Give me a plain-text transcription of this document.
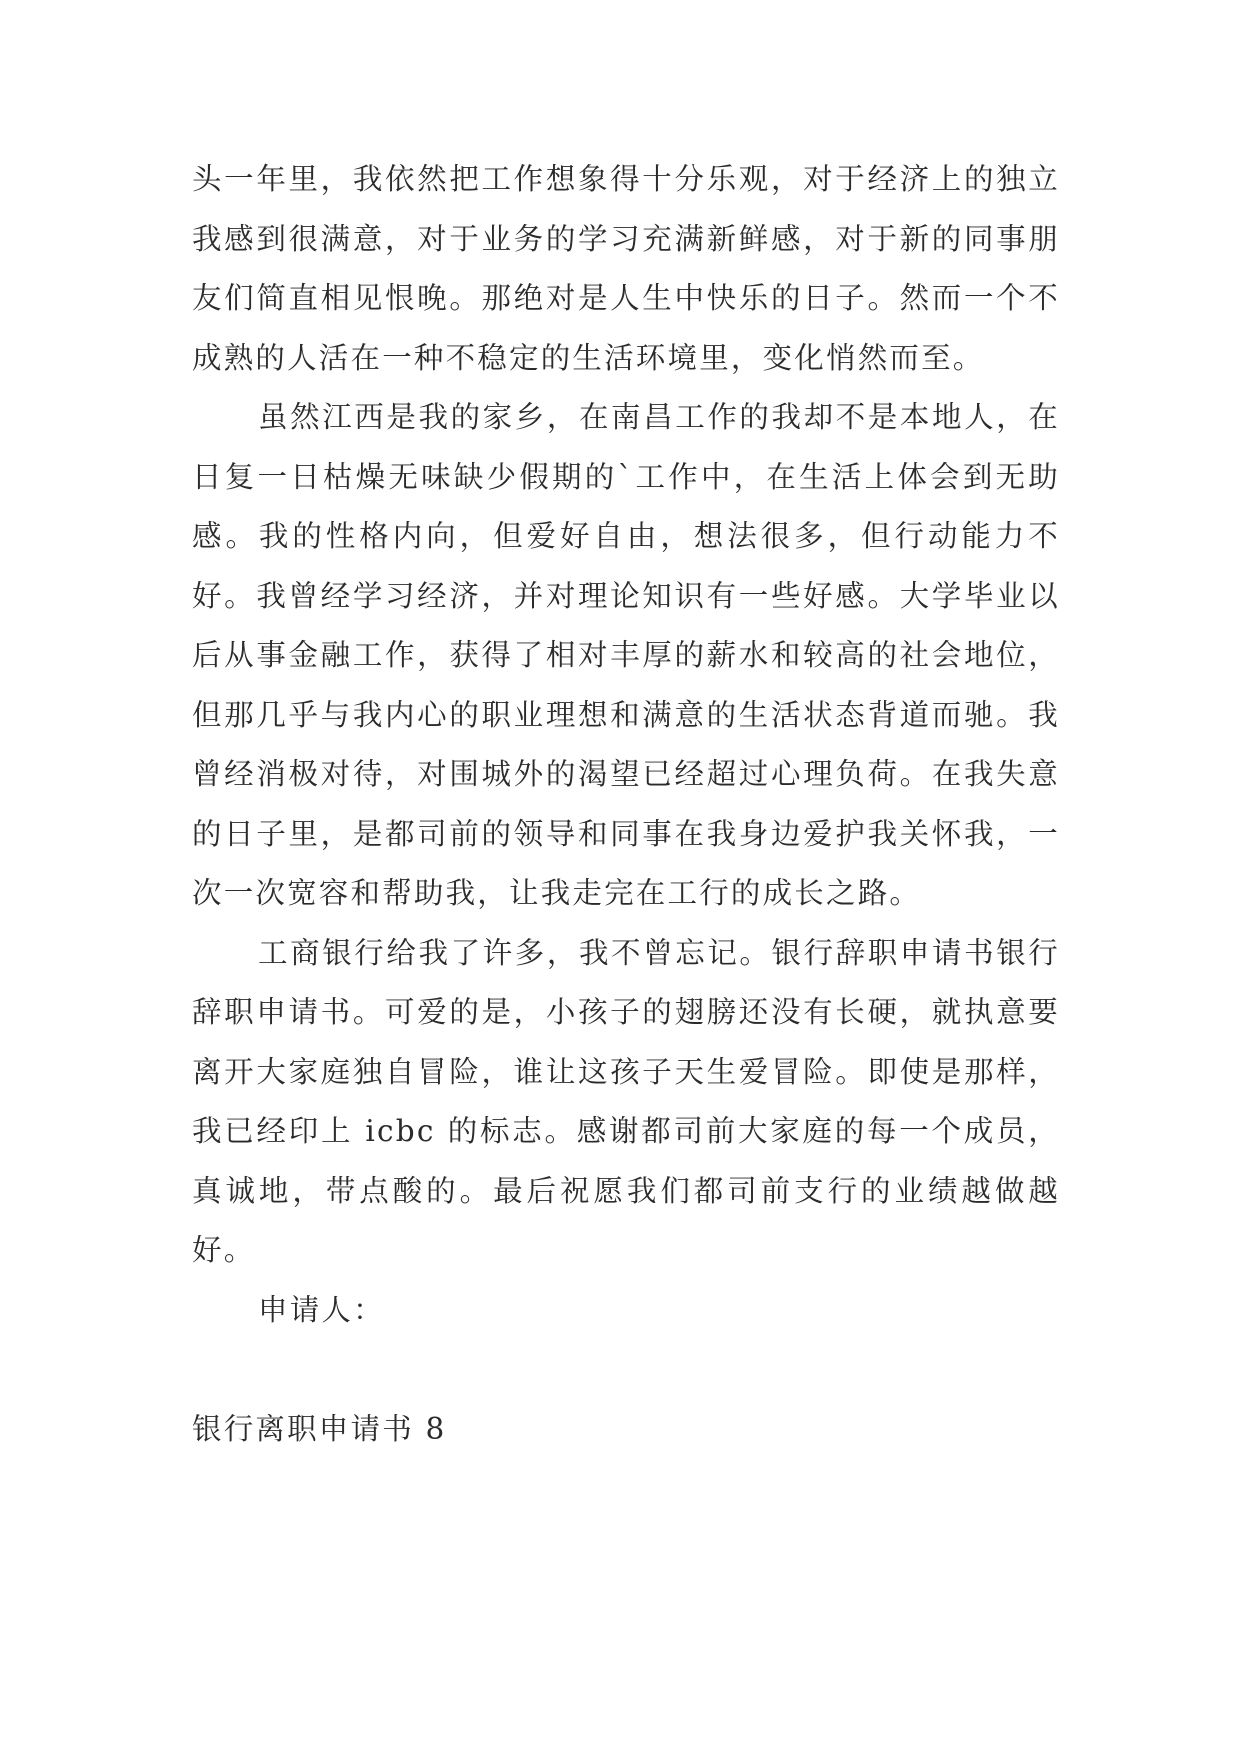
头一年里，我依然把工作想象得十分乐观，对于经济上的独立我感到很满意，对于业务的学习充满新鲜感，对于新的同事朋友们简直相见恨晚。那绝对是人生中快乐的日子。然而一个不成熟的人活在一种不稳定的生活环境里，变化悄然而至。

虽然江西是我的家乡，在南昌工作的我却不是本地人，在日复一日枯燥无味缺少假期的`工作中，在生活上体会到无助感。我的性格内向，但爱好自由，想法很多，但行动能力不好。我曾经学习经济，并对理论知识有一些好感。大学毕业以后从事金融工作，获得了相对丰厚的薪水和较高的社会地位，但那几乎与我内心的职业理想和满意的生活状态背道而驰。我曾经消极对待，对围城外的渴望已经超过心理负荷。在我失意的日子里，是都司前的领导和同事在我身边爱护我关怀我，一次一次宽容和帮助我，让我走完在工行的成长之路。

工商银行给我了许多，我不曾忘记。银行辞职申请书银行辞职申请书。可爱的是，小孩子的翅膀还没有长硬，就执意要离开大家庭独自冒险，谁让这孩子天生爱冒险。即使是那样，我已经印上 icbc 的标志。感谢都司前大家庭的每一个成员，真诚地，带点酸的。最后祝愿我们都司前支行的业绩越做越好。

申请人：

银行离职申请书 8
